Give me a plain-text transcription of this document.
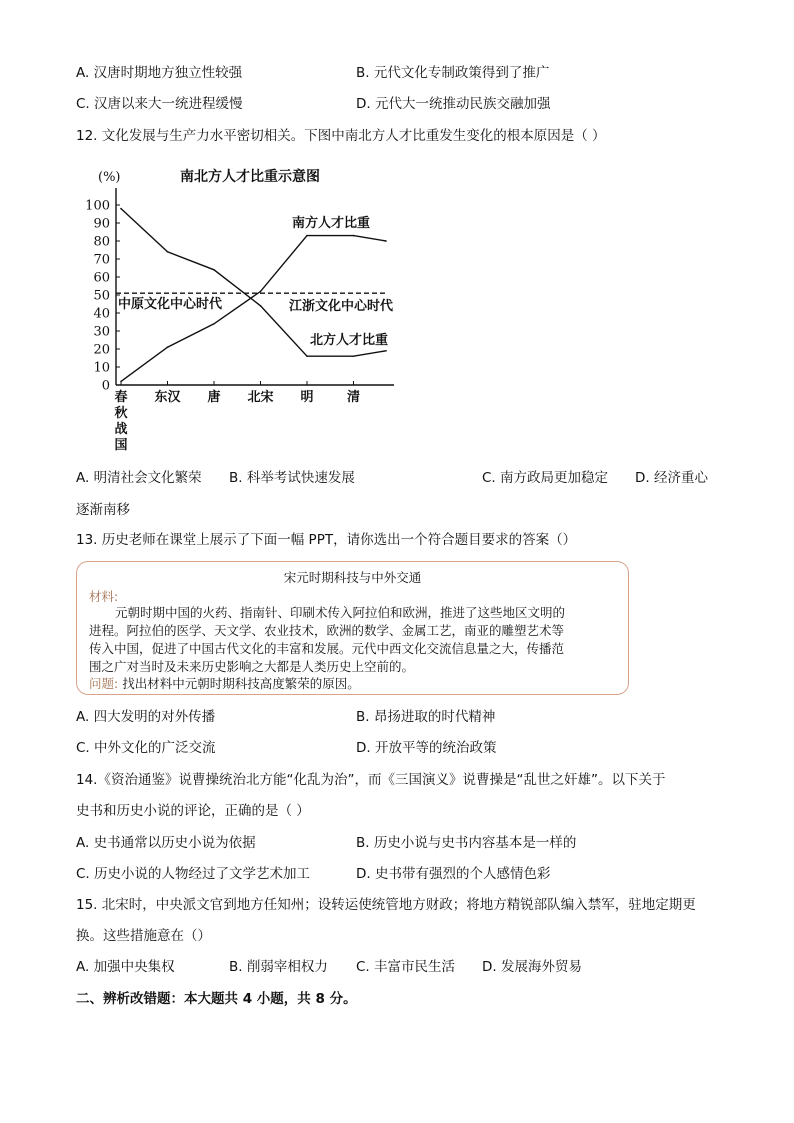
A. 汉唐时期地方独立性较强	B. 元代文化专制政策得到了推广
C. 汉唐以来大一统进程缓慢	D. 元代大一统推动民族交融加强
12. 文化发展与生产力水平密切相关。下图中南北方人才比重发生变化的根本原因是（ ）
南北方人才比重示意图
(%)
0
10
20
30
40
50
60
70
80
90
100
春秋战国
东汉 唐 北宋 明	清
南方人才比重
北方人才比重
中原文化中心时代	江浙文化中心时代
A. 明清社会文化繁荣 B. 科举考试快速发展	C. 南方政局更加稳定 D. 经济重心
逐渐南移
13. 历史老师在课堂上展示了下面一幅 PPT，请你选出一个符合题目要求的答案（）
宋元时期科技与中外交通
材料:
元朝时期中国的火药、指南针、印刷术传入阿拉伯和欧洲，推进了这些地区文明的
进程。阿拉伯的医学、天文学、农业技术，欧洲的数学、金属工艺，南亚的雕塑艺术等
传入中国，促进了中国古代文化的丰富和发展。元代中西文化交流信息量之大，传播范
围之广对当时及未来历史影响之大都是人类历史上空前的。
问题: 找出材料中元朝时期科技高度繁荣的原因。
A. 四大发明的对外传播	B. 昂扬进取的时代精神
C. 中外文化的广泛交流	D. 开放平等的统治政策
14.《资治通鉴》说曹操统治北方能“化乱为治”，而《三国演义》说曹操是“乱世之奸雄”。以下关于
史书和历史小说的评论，正确的是（ ）
A. 史书通常以历史小说为依据	B. 历史小说与史书内容基本是一样的
C. 历史小说的人物经过了文学艺术加工	D. 史书带有强烈的个人感情色彩
15. 北宋时，中央派文官到地方任知州；设转运使统管地方财政；将地方精锐部队编入禁军，驻地定期更
换。这些措施意在（）
A. 加强中央集权	B. 削弱宰相权力 C. 丰富市民生活 D. 发展海外贸易
二、辨析改错题：本大题共 4 小题，共 8 分。
